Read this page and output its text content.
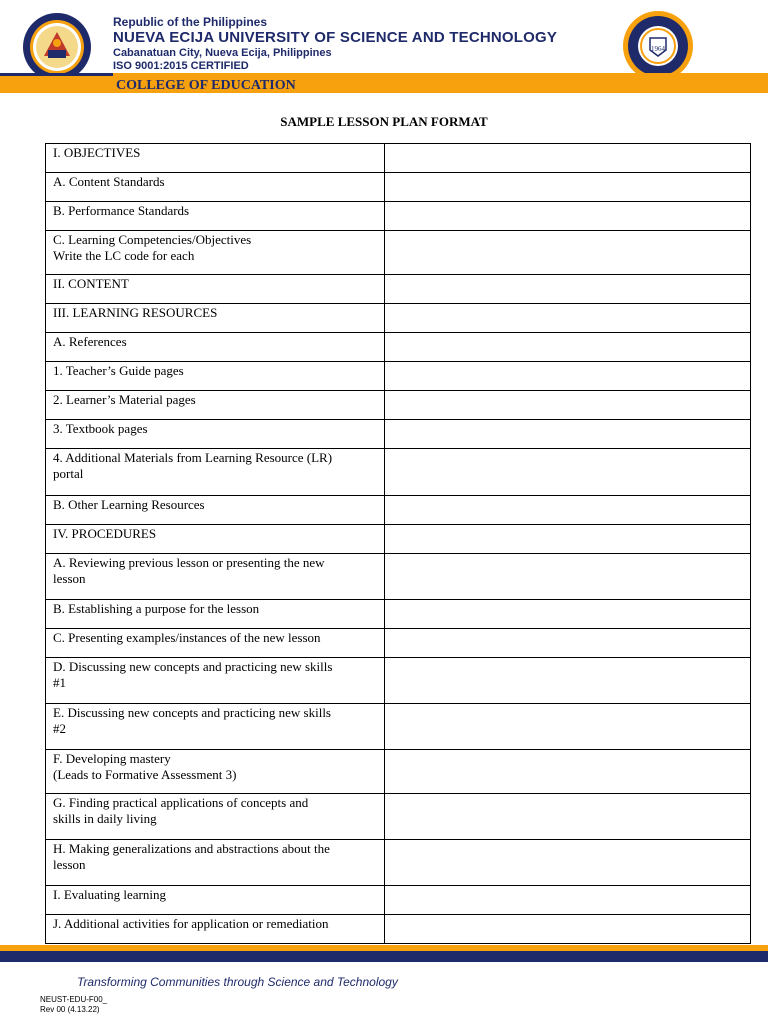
Republic of the Philippines
NUEVA ECIJA UNIVERSITY OF SCIENCE AND TECHNOLOGY
Cabanatuan City, Nueva Ecija, Philippines
ISO 9001:2015 CERTIFIED
1964
COLLEGE OF EDUCATION
SAMPLE LESSON PLAN FORMAT
I. OBJECTIVES	

A. Content Standards	

B. Performance Standards	

C. Learning Competencies/Objectives
Write the LC code for each	

II. CONTENT	

III. LEARNING RESOURCES	

A. References	

1. Teacher’s Guide pages	

2. Learner’s Material pages	

3. Textbook pages	

4. Additional Materials from Learning Resource (LR)
portal	

B. Other Learning Resources	

IV. PROCEDURES	

A. Reviewing previous lesson or presenting the new
lesson	

B. Establishing a purpose for the lesson	

C. Presenting examples/instances of the new lesson	

D. Discussing new concepts and practicing new skills
#1	

E. Discussing new concepts and practicing new skills
#2	

F. Developing mastery
(Leads to Formative Assessment 3)	

G. Finding practical applications of concepts and
skills in daily living	

H. Making generalizations and abstractions about the
lesson	

I. Evaluating learning	

J. Additional activities for application or remediation	

Transforming Communities through Science and Technology
NEUST-EDU-F00_
Rev 00 (4.13.22)
